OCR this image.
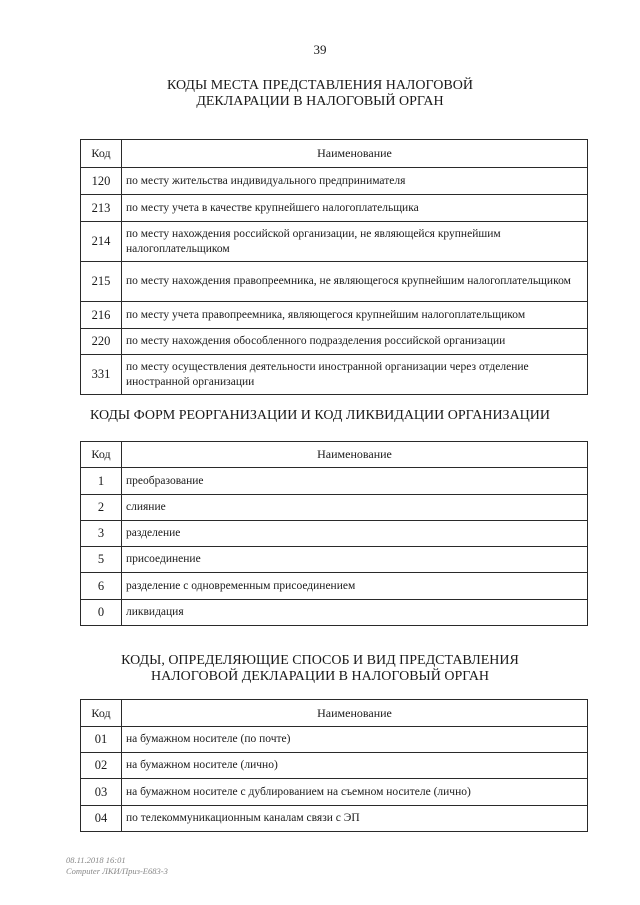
39
КОДЫ МЕСТА ПРЕДСТАВЛЕНИЯ НАЛОГОВОЙ
ДЕКЛАРАЦИИ В НАЛОГОВЫЙ ОРГАН
Код	Наименование
120	по месту жительства индивидуального предпринимателя
213	по месту учета в качестве крупнейшего налогоплательщика
214	по месту нахождения российской организации, не являющейся крупнейшим налогоплательщиком
215	по месту нахождения правопреемника, не являющегося крупнейшим налогоплательщиком
216	по месту учета правопреемника, являющегося крупнейшим налогоплательщиком
220	по месту нахождения обособленного подразделения российской организации
331	по месту осуществления деятельности иностранной организации через отделение иностранной организации
КОДЫ ФОРМ РЕОРГАНИЗАЦИИ И КОД ЛИКВИДАЦИИ ОРГАНИЗАЦИИ
Код	Наименование
1	преобразование
2	слияние
3	разделение
5	присоединение
6	разделение с одновременным присоединением
0	ликвидация
КОДЫ, ОПРЕДЕЛЯЮЩИЕ СПОСОБ И ВИД ПРЕДСТАВЛЕНИЯ
НАЛОГОВОЙ ДЕКЛАРАЦИИ В НАЛОГОВЫЙ ОРГАН
Код	Наименование
01	на бумажном носителе (по почте)
02	на бумажном носителе (лично)
03	на бумажном носителе с дублированием на съемном носителе (лично)
04	по телекоммуникационным каналам связи с ЭП
08.11.2018 16:01
Computer ЛКИ/Приз-Е683-3
